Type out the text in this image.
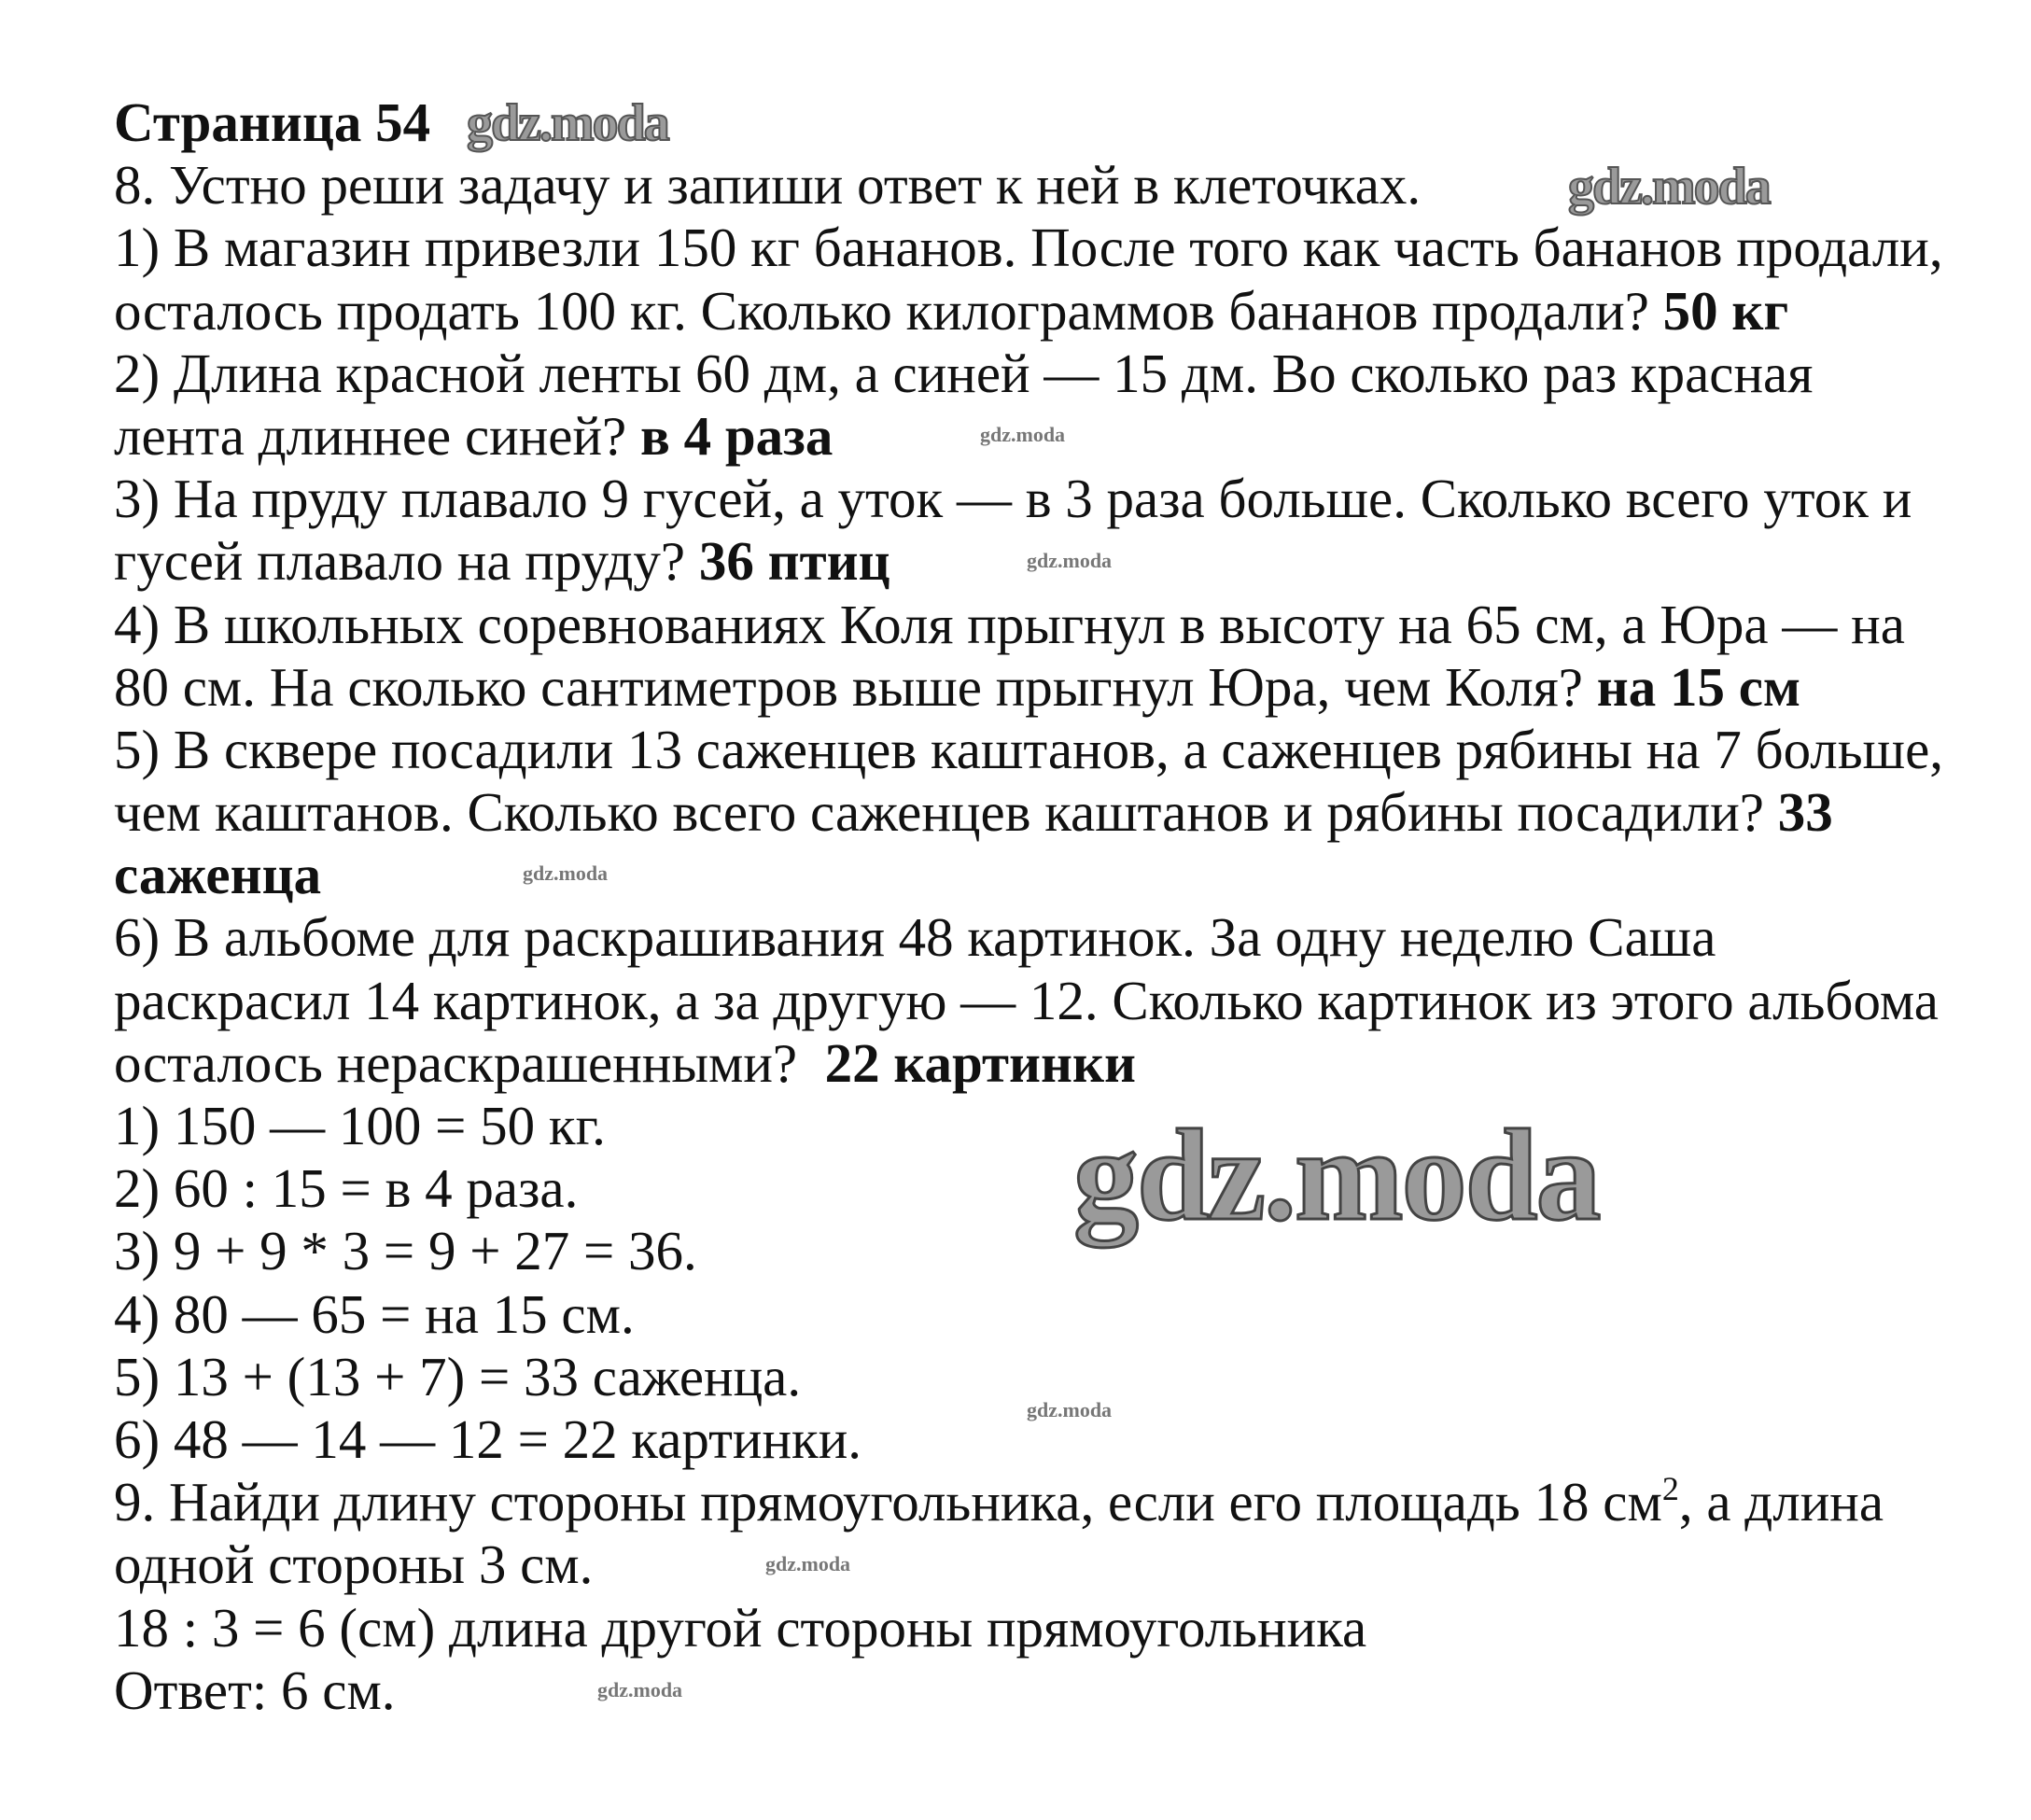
Страница 54
8. Устно реши задачу и запиши ответ к ней в клеточках.
1) В магазин привезли 150 кг бананов. После того как часть бананов продали,
осталось продать 100 кг. Сколько килограммов бананов продали? 50 кг
2) Длина красной ленты 60 дм, а синей — 15 дм. Во сколько раз красная
лента длиннее синей? в 4 раза
3) На пруду плавало 9 гусей, а уток — в 3 раза больше. Сколько всего уток и
гусей плавало на пруду? 36 птиц
4) В школьных соревнованиях Коля прыгнул в высоту на 65 см, а Юра — на
80 см. На сколько сантиметров выше прыгнул Юра, чем Коля? на 15 см
5) В сквере посадили 13 саженцев каштанов, а саженцев рябины на 7 больше,
чем каштанов. Сколько всего саженцев каштанов и рябины посадили? 33
саженца
6) В альбоме для раскрашивания 48 картинок. За одну неделю Саша
раскрасил 14 картинок, а за другую — 12. Сколько картинок из этого альбома
осталось нераскрашенными?  22 картинки
1) 150 — 100 = 50 кг.
2) 60 : 15 = в 4 раза.
3) 9 + 9 * 3 = 9 + 27 = 36.
4) 80 — 65 = на 15 см.
5) 13 + (13 + 7) = 33 саженца.
6) 48 — 14 — 12 = 22 картинки.
9. Найди длину стороны прямоугольника, если его площадь 18 $см^2$, а длина
одной стороны 3 см.
18 : 3 = 6 (см) длина другой стороны прямоугольника
Ответ: 6 см.
gdz.moda
gdz.moda
gdz.moda
gdz.moda
gdz.moda
gdz.moda
gdz.moda
gdz.moda
gdz.moda
